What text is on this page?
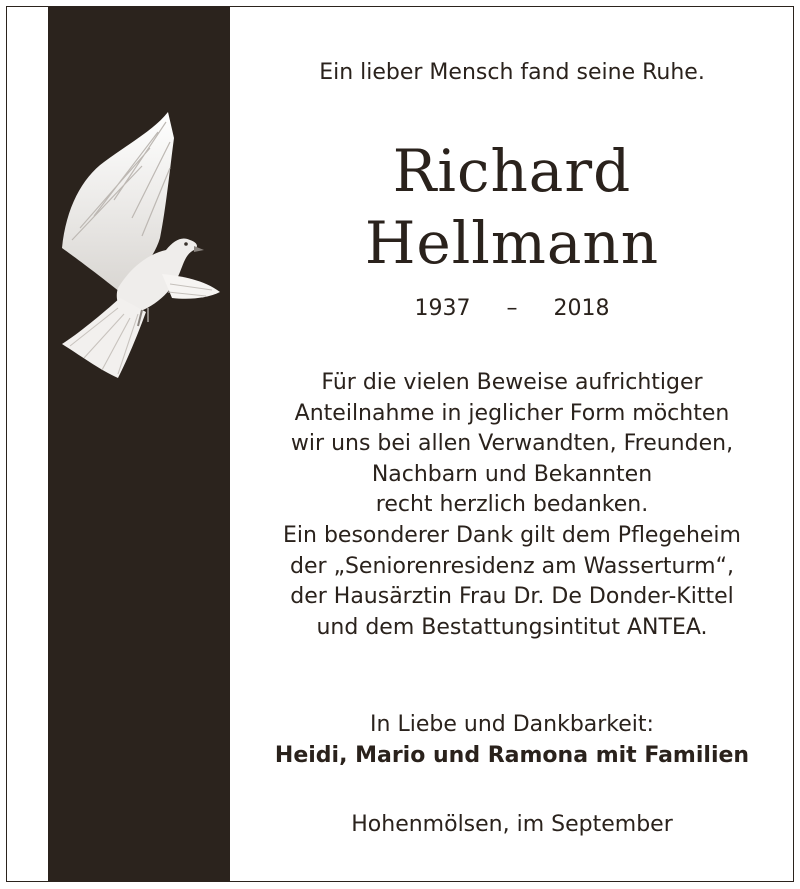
Ein lieber Mensch fand seine Ruhe.
Richard
Hellmann
1937 – 2018
Für die vielen Beweise aufrichtiger
Anteilnahme in jeglicher Form möchten
wir uns bei allen Verwandten, Freunden,
Nachbarn und Bekannten
recht herzlich bedanken.
Ein besonderer Dank gilt dem Pflegeheim
der „Seniorenresidenz am Wasserturm“,
der Hausärztin Frau Dr. De Donder-Kittel
und dem Bestattungsintitut ANTEA.
In Liebe und Dankbarkeit:
Heidi, Mario und Ramona mit Familien
Hohenmölsen, im September
